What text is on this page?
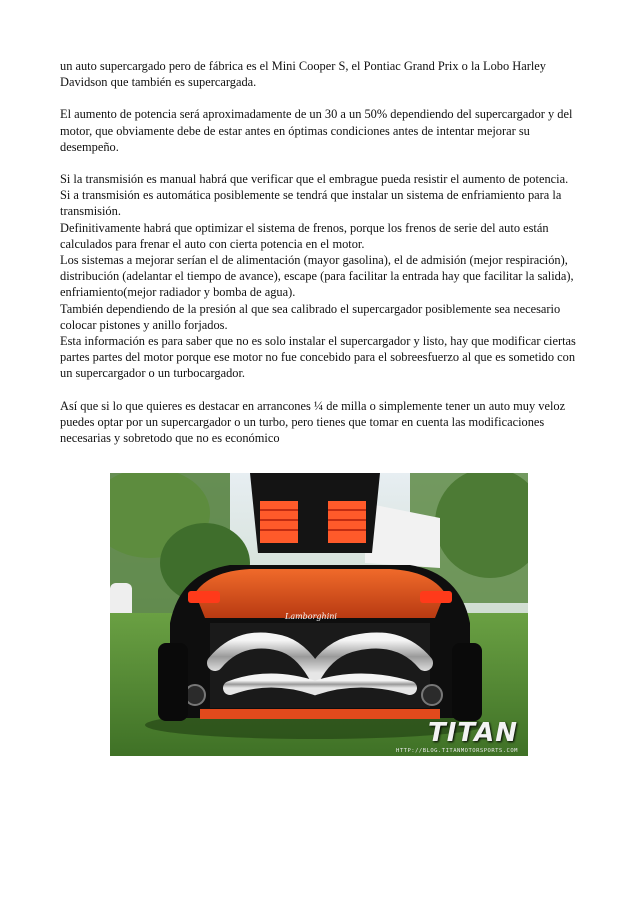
un auto supercargado pero de fábrica es el Mini Cooper S, el Pontiac Grand Prix o la Lobo Harley Davidson que también es supercargada.

El aumento de potencia será aproximadamente de un 30 a un 50% dependiendo del supercargador y del motor, que obviamente debe de estar antes en óptimas condiciones antes de intentar mejorar su desempeño.

Si la transmisión es manual habrá que verificar que el embrague pueda resistir el aumento de potencia.
Si a transmisión es automática posiblemente se tendrá que instalar un sistema de enfriamiento para la transmisión.
Definitivamente habrá que optimizar el sistema de frenos, porque los frenos de serie del auto están calculados para frenar el auto con cierta potencia en el motor.
Los sistemas a mejorar serían el de alimentación (mayor gasolina), el de admisión (mejor respiración), distribución (adelantar el tiempo de avance), escape (para facilitar la entrada hay que facilitar la salida), enfriamiento(mejor radiador y bomba de agua).
También dependiendo de la presión al que sea calibrado el supercargador posiblemente sea necesario colocar pistones y anillo forjados.
Esta información es para saber que no es solo instalar el supercargador y listo, hay que modificar ciertas partes partes del motor porque ese motor no fue concebido para el sobreesfuerzo al que es sometido con un supercargador o un turbocargador.

Así que si lo que quieres es destacar en arrancones ¼ de milla o simplemente tener un auto muy veloz puedes optar por un supercargador o un turbo, pero tienes que tomar en cuenta las modificaciones necesarias y sobretodo que no es económico

Lamborghini
TITAN
HTTP://BLOG.TITANMOTORSPORTS.COM
